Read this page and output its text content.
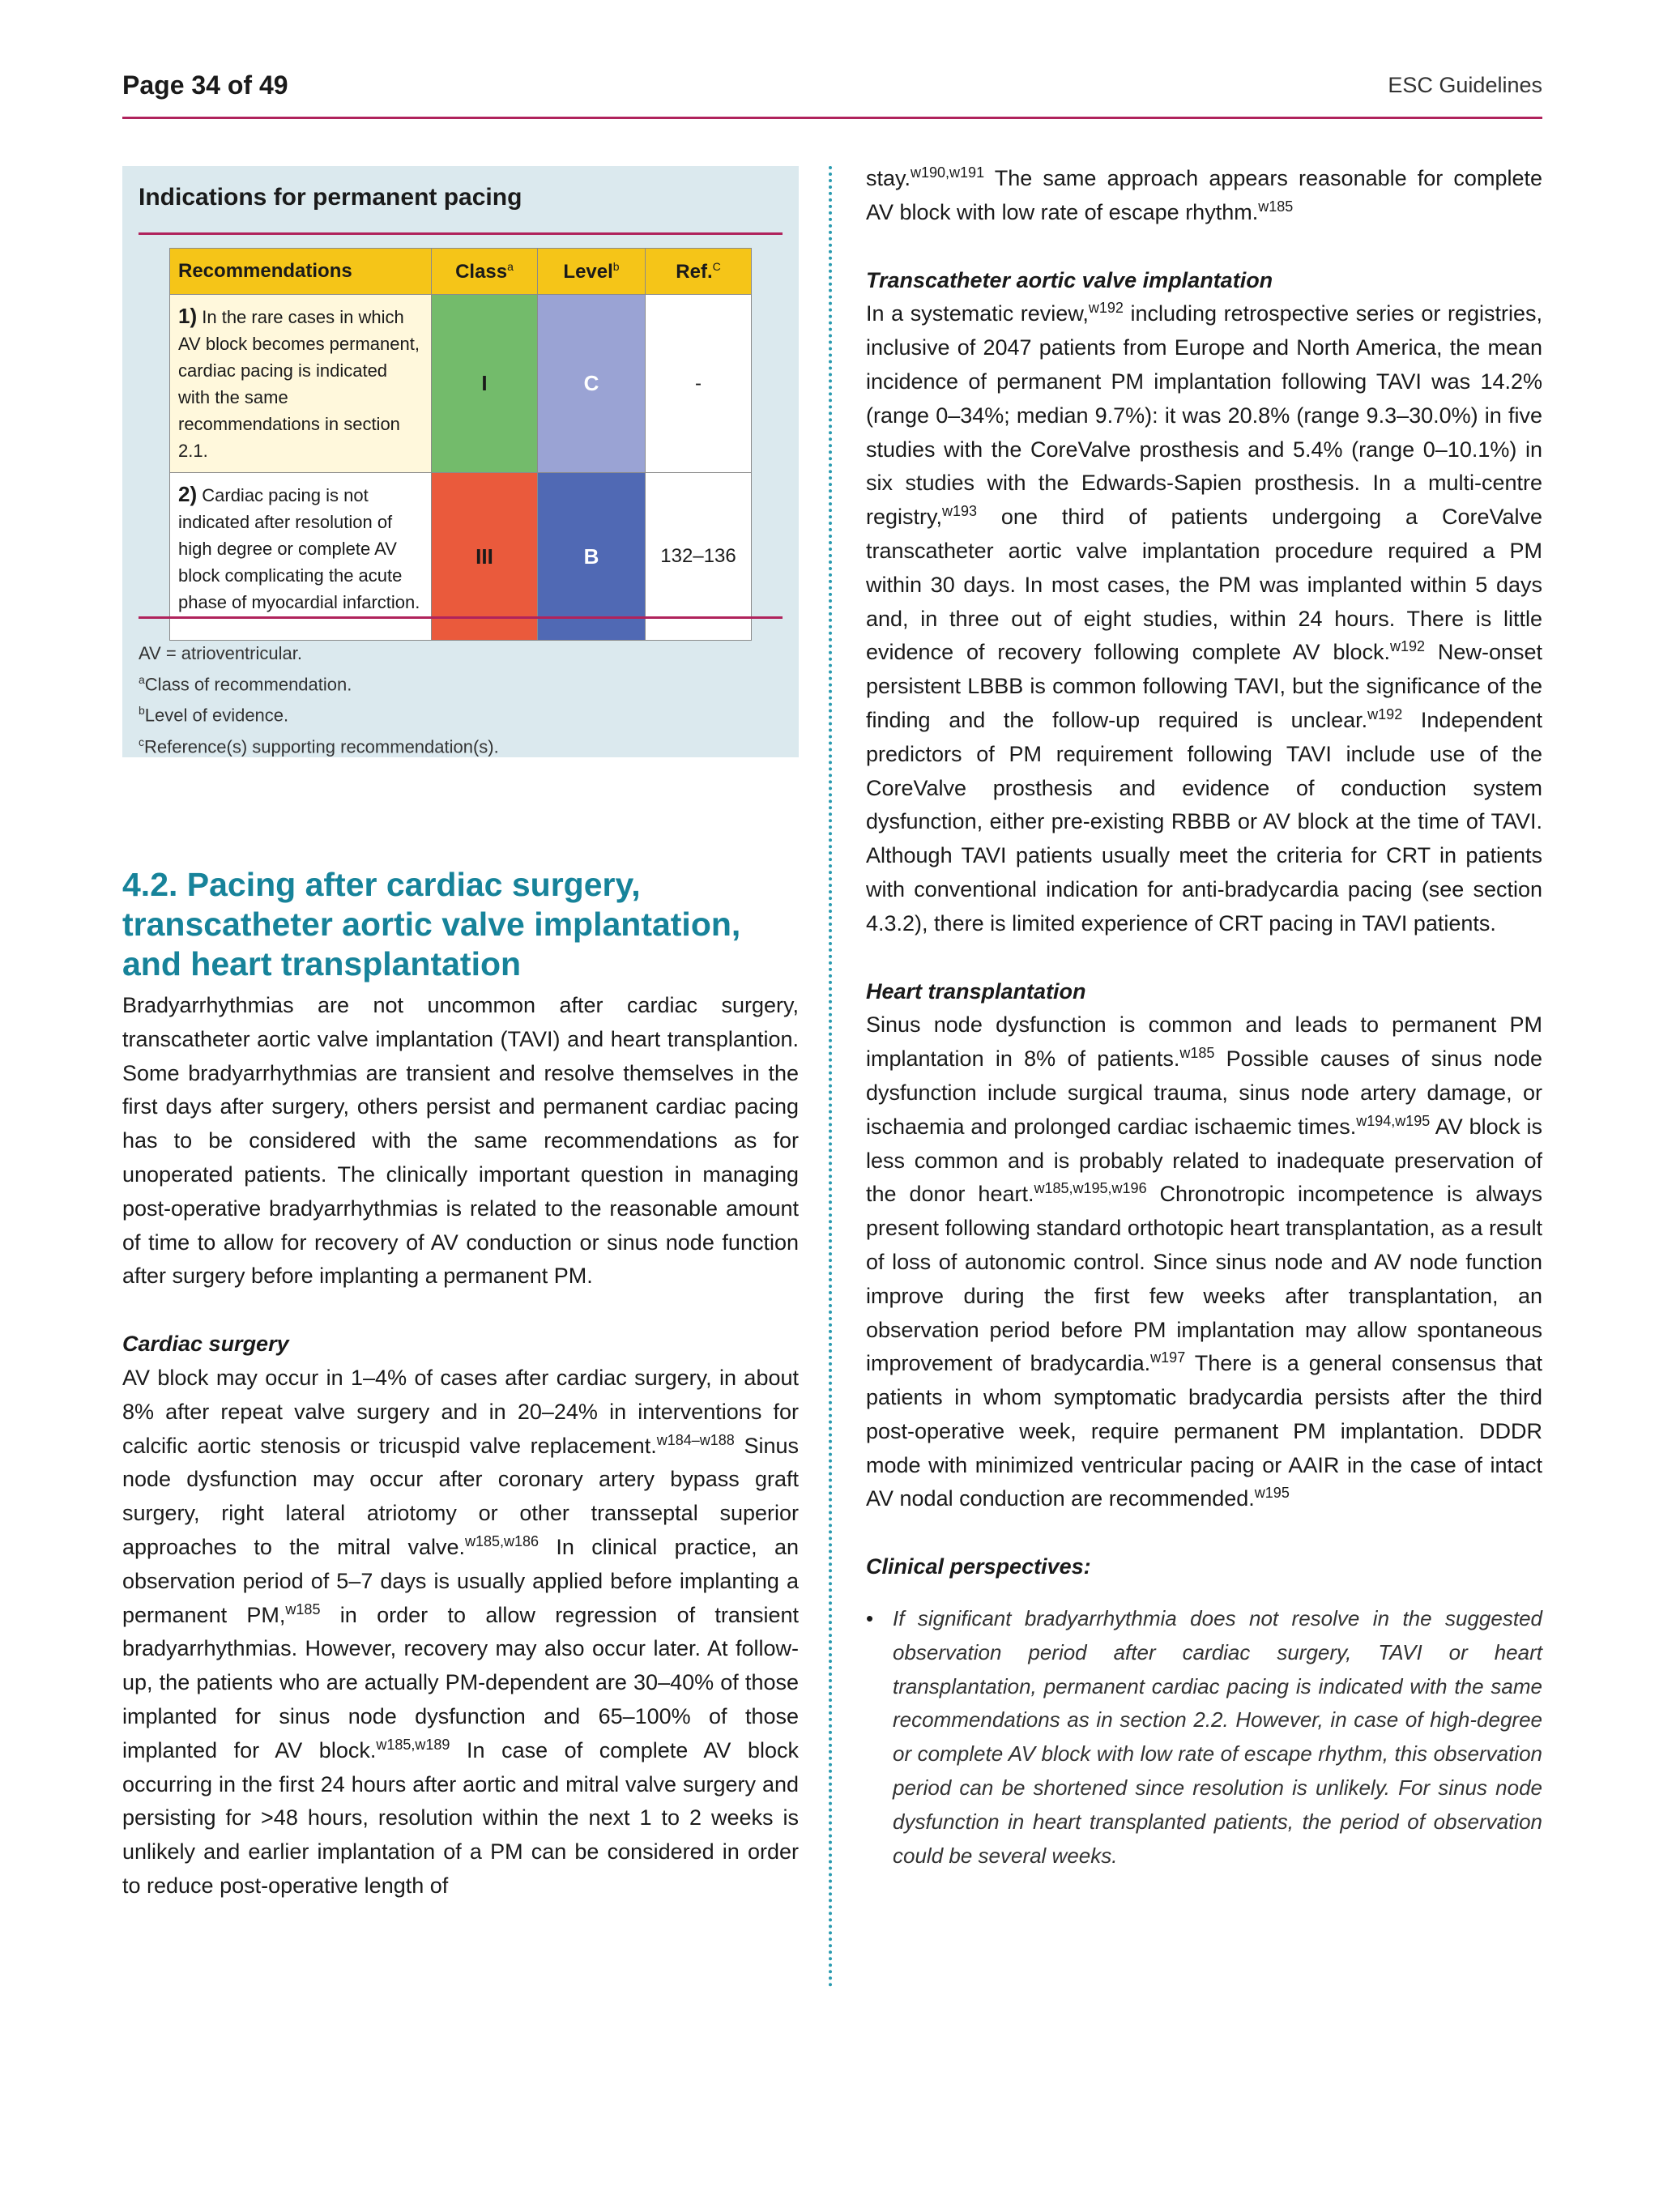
Page 34 of 49	ESC Guidelines
Indications for permanent pacing
Recommendations	Class$^a$	Level$^b$	Ref.$^C$
1) In the rare cases in which AV block becomes permanent, cardiac pacing is indicated with the same recommendations in section 2.1.	I	C	-
2) Cardiac pacing is not indicated after resolution of high degree or complete AV block complicating the acute phase of myocardial infarction.	III	B	132–136
AV = atrioventricular.
$^a$Class of recommendation.
$^b$Level of evidence.
$^c$Reference(s) supporting recommendation(s).
4.2. Pacing after cardiac surgery, transcatheter aortic valve implantation, and heart transplantation

Bradyarrhythmias are not uncommon after cardiac surgery, transcatheter aortic valve implantation (TAVI) and heart transplantion. Some bradyarrhythmias are transient and resolve themselves in the first days after surgery, others persist and permanent cardiac pacing has to be considered with the same recommendations as for unoperated patients. The clinically important question in managing post-operative bradyarrhythmias is related to the reasonable amount of time to allow for recovery of AV conduction or sinus node function after surgery before implanting a permanent PM.

Cardiac surgery

AV block may occur in 1–4% of cases after cardiac surgery, in about 8% after repeat valve surgery and in 20–24% in interventions for calcific aortic stenosis or tricuspid valve replacement.$^{w184-w188}$ Sinus node dysfunction may occur after coronary artery bypass graft surgery, right lateral atriotomy or other transseptal superior approaches to the mitral valve.$^{w185,w186}$ In clinical practice, an observation period of 5–7 days is usually applied before implanting a permanent PM,$^{w185}$ in order to allow regression of transient bradyarrhythmias. However, recovery may also occur later. At follow-up, the patients who are actually PM-dependent are 30–40% of those implanted for sinus node dysfunction and 65–100% of those implanted for AV block.$^{w185,w189}$ In case of complete AV block occurring in the first 24 hours after aortic and mitral valve surgery and persisting for >48 hours, resolution within the next 1 to 2 weeks is unlikely and earlier implantation of a PM can be considered in order to reduce post-operative length of

stay.$^{w190,w191}$ The same approach appears reasonable for complete AV block with low rate of escape rhythm.$^{w185}$

Transcatheter aortic valve implantation

In a systematic review,$^{w192}$ including retrospective series or registries, inclusive of 2047 patients from Europe and North America, the mean incidence of permanent PM implantation following TAVI was 14.2% (range 0–34%; median 9.7%): it was 20.8% (range 9.3–30.0%) in five studies with the CoreValve prosthesis and 5.4% (range 0–10.1%) in six studies with the Edwards-Sapien prosthesis. In a multi-centre registry,$^{w193}$ one third of patients undergoing a CoreValve transcatheter aortic valve implantation procedure required a PM within 30 days. In most cases, the PM was implanted within 5 days and, in three out of eight studies, within 24 hours. There is little evidence of recovery following complete AV block.$^{w192}$ New-onset persistent LBBB is common following TAVI, but the significance of the finding and the follow-up required is unclear.$^{w192}$ Independent predictors of PM requirement following TAVI include use of the CoreValve prosthesis and evidence of conduction system dysfunction, either pre-existing RBBB or AV block at the time of TAVI. Although TAVI patients usually meet the criteria for CRT in patients with conventional indication for anti-bradycardia pacing (see section 4.3.2), there is limited experience of CRT pacing in TAVI patients.

Heart transplantation

Sinus node dysfunction is common and leads to permanent PM implantation in 8% of patients.$^{w185}$ Possible causes of sinus node dysfunction include surgical trauma, sinus node artery damage, or ischaemia and prolonged cardiac ischaemic times.$^{w194,w195}$ AV block is less common and is probably related to inadequate preservation of the donor heart.$^{w185,w195,w196}$ Chronotropic incompetence is always present following standard orthotopic heart transplantation, as a result of loss of autonomic control. Since sinus node and AV node function improve during the first few weeks after transplantation, an observation period before PM implantation may allow spontaneous improvement of bradycardia.$^{w197}$ There is a general consensus that patients in whom symptomatic bradycardia persists after the third post-operative week, require permanent PM implantation. DDDR mode with minimized ventricular pacing or AAIR in the case of intact AV nodal conduction are recommended.$^{w195}$

Clinical perspectives:
• If significant bradyarrhythmia does not resolve in the suggested observation period after cardiac surgery, TAVI or heart transplantation, permanent cardiac pacing is indicated with the same recommendations as in section 2.2. However, in case of high-degree or complete AV block with low rate of escape rhythm, this observation period can be shortened since resolution is unlikely. For sinus node dysfunction in heart transplanted patients, the period of observation could be several weeks.
